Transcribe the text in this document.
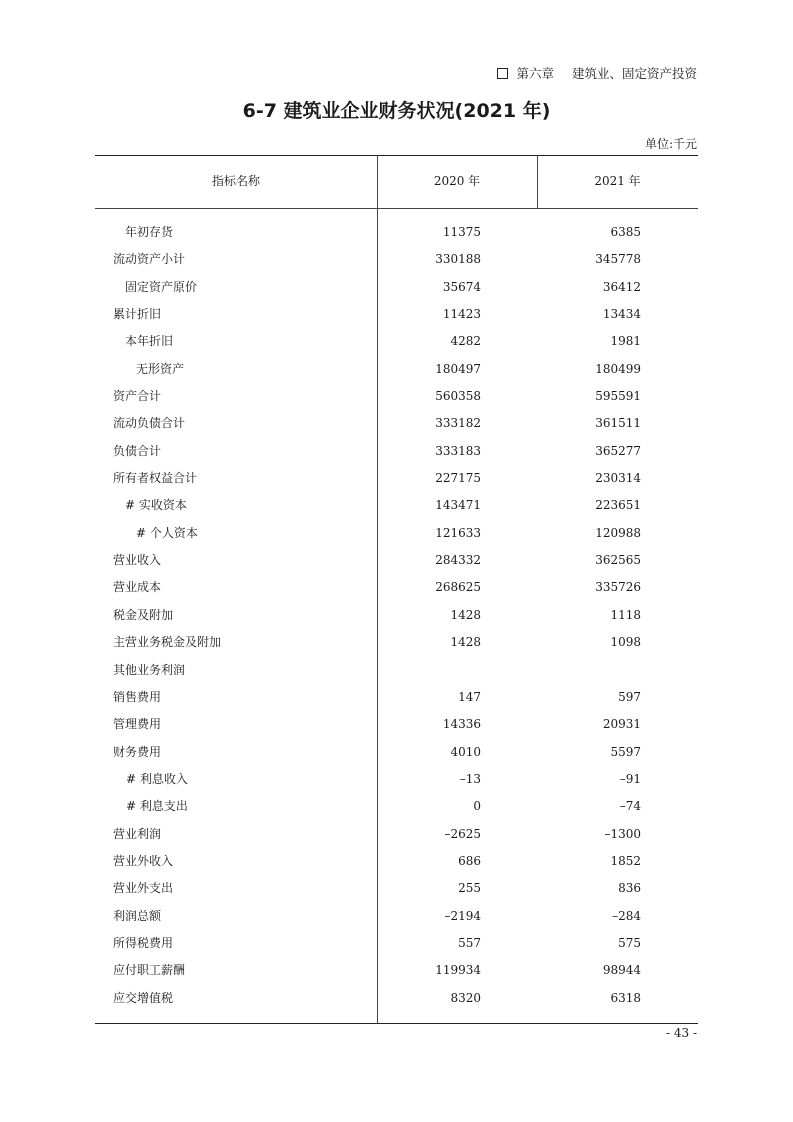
第六章 建筑业、固定资产投资
6-7 建筑业企业财务状况(2021 年)
单位:千元
指标名称	2020 年	2021 年
年初存货	11375	6385
流动资产小计	330188	345778
固定资产原价	35674	36412
累计折旧	11423	13434
本年折旧	4282	1981
无形资产	180497	180499
资产合计	560358	595591
流动负债合计	333182	361511
负债合计	333183	365277
所有者权益合计	227175	230314
# 实收资本	143471	223651
# 个人资本	121633	120988
营业收入	284332	362565
营业成本	268625	335726
税金及附加	1428	1118
主营业务税金及附加	1428	1098
其他业务利润
销售费用	147	597
管理费用	14336	20931
财务费用	4010	5597
# 利息收入	–13	–91
# 利息支出	0	–74
营业利润	–2625	–1300
营业外收入	686	1852
营业外支出	255	836
利润总额	–2194	–284
所得税费用	557	575
应付职工薪酬	119934	98944
应交增值税	8320	6318
- 43 -
